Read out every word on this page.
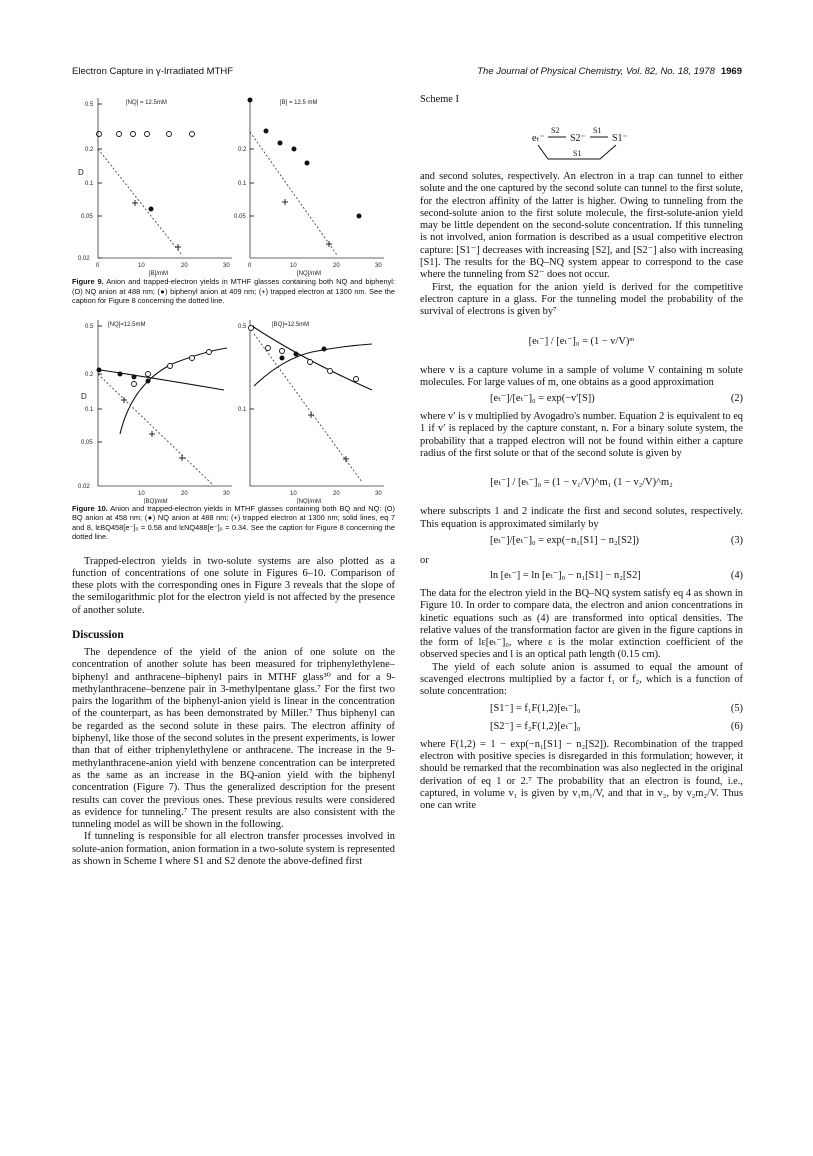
Electron Capture in γ-Irradiated MTHF	The Journal of Physical Chemistry, Vol. 82, No. 18, 1978 1969
0.5
0.2
0.1
0.05
0.02
D
0	10	20	30
[B]/mM
[NQ] = 12.5mM
0.2
0.1
0.05
0	10	20	30
[NQ]/mM
[B] = 12.5 mM

Figure 9. Anion and trapped-electron yields in MTHF glasses containing both NQ and biphenyl: (O) NQ anion at 488 nm; (●) biphenyl anion at 409 nm; (+) trapped electron at 1300 nm. See the caption for Figure 8 concerning the dotted line.

0.5
0.2
0.1
0.05
0.02
D
10	20	30
[BQ]/mM
[NQ]=12.5mM	0.5
0.1
10	20	30
[NQ]/mM
[BQ]=12.5mM

Figure 10. Anion and trapped-electron yields in MTHF glasses containing both BQ and NQ: (O) BQ anion at 458 nm; (●) NQ anion at 488 nm; (+) trapped electron at 1300 nm; solid lines, eq 7 and 8, lεBQ458[e⁻]₀ = 0.58 and lεNQ488[e⁻]₀ = 0.34. See the caption for Figure 8 concerning the dotted line.

Trapped-electron yields in two-solute systems are also plotted as a function of concentrations of one solute in Figures 6–10. Comparison of these plots with the corresponding ones in Figure 3 reveals that the slope of the semilogarithmic plot for the electron yield is not affected by the presence of another solute.

Discussion

The dependence of the yield of the anion of one solute on the concentration of another solute has been measured for triphenylethylene–biphenyl and anthracene–biphenyl pairs in MTHF glass³⁰ and for a 9-methylanthracene–benzene pair in 3-methylpentane glass.⁷ For the first two pairs the logarithm of the biphenyl-anion yield is linear in the concentration of the counterpart, as has been demonstrated by Miller.⁷ Thus biphenyl can be regarded as the second solute in these pairs. The electron affinity of biphenyl, like those of the second solutes in the present experiments, is lower than that of either triphenylethylene or anthracene. The increase in the 9-methylanthracene-anion yield with benzene concentration can be interpreted as the same as an increase in the BQ-anion yield with the biphenyl concentration (Figure 7). Thus the generalized description for the present results can cover the previous ones. These previous results were considered as evidence for tunneling.⁷ The present results are also consistent with the tunneling model as will be shown in the following.

If tunneling is responsible for all electron transfer processes involved in solute-anion formation, anion formation in a two-solute system is represented as shown in Scheme I where S1 and S2 denote the above-defined first

Scheme I
eₜ⁻
S2
S2⁻
S1
S1⁻
S1

and second solutes, respectively. An electron in a trap can tunnel to either solute and the one captured by the second solute can tunnel to the first solute, for the electron affinity of the latter is higher. Owing to tunneling from the second-solute anion to the first solute molecule, the first-solute-anion yield may be little dependent on the second-solute concentration. If this tunneling is not involved, anion formation is described as a usual competitive electron capture: [S1⁻] decreases with increasing [S2], and [S2⁻] also with increasing [S1]. The results for the BQ–NQ system appear to correspond to the case where the tunneling from S2⁻ does not occur.

First, the equation for the anion yield is derived for the competitive electron capture in a glass. For the tunneling model the probability of the survival of electrons is given by⁷

[eₜ⁻] / [eₜ⁻]₀ = (1 − v/V)ᵐ

where v is a capture volume in a sample of volume V containing m solute molecules. For large values of m, one obtains as a good approximation

[eₜ⁻]/[eₜ⁻]₀ = exp(−v′[S])	(2)

where v′ is v multiplied by Avogadro's number. Equation 2 is equivalent to eq 1 if v′ is replaced by the capture constant, n. For a binary solute system, the probability that a trapped electron will not be found within either a capture radius of the first solute or that of the second solute is given by

[eₜ⁻] / [eₜ⁻]₀ = (1 − v₁/V)^m₁ (1 − v₂/V)^m₂

where subscripts 1 and 2 indicate the first and second solutes, respectively. This equation is approximated similarly by

[eₜ⁻]/[eₜ⁻]₀ = exp(−n₁[S1] − n₂[S2])	(3)
or
ln [eₜ⁻] = ln [eₜ⁻]₀ − n₁[S1] − n₂[S2]	(4)

The data for the electron yield in the BQ–NQ system satisfy eq 4 as shown in Figure 10. In order to compare data, the electron and anion concentrations in kinetic equations such as (4) are transformed into optical densities. The relative values of the transformation factor are given in the figure captions in the form of lε[eₜ⁻]₀, where ε is the molar extinction coefficient of the observed species and l is an optical path length (0.15 cm).

The yield of each solute anion is assumed to equal the amount of scavenged electrons multiplied by a factor f₁ or f₂, which is a function of solute concentration:

[S1⁻] = f₁F(1,2)[eₜ⁻]₀	(5)
[S2⁻] = f₂F(1,2)[eₜ⁻]₀	(6)

where F(1,2) = 1 − exp(−n₁[S1] − n₂[S2]). Recombination of the trapped electron with positive species is disregarded in this formulation; however, it should be remarked that the recombination was also neglected in the original derivation of eq 1 or 2.⁷ The probability that an electron is found, i.e., captured, in volume v₁ is given by v₁m₁/V, and that in v₂, by v₂m₂/V. Thus one can write
